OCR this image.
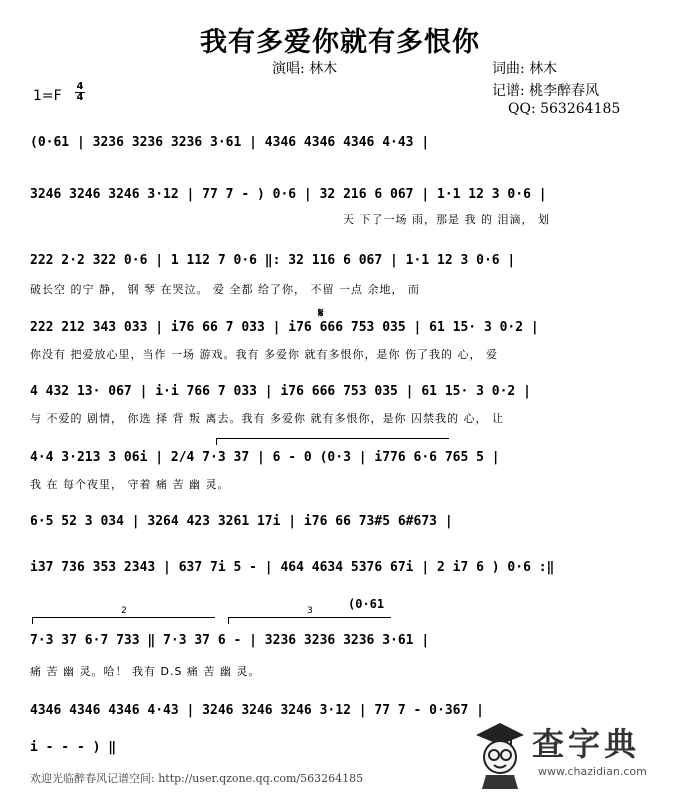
我有多爱你就有多恨你
演唱: 林木	词曲: 林木
记谱: 桃李醉春风
QQ: 563264185
1=F
4
4
(0·61 | 3236 3236 3236 3·61 | 4346 4346 4346 4·43 |
3246 3246 3246 3·12 | 77 7 - ) 0·6 | 32 216 6 067 | 1·1 12 3 0·6 |
天 下了一场 雨，那是 我 的 泪滴， 划
222 2·2 322 0·6 | 1 112 7 0·6 ‖: 32 116 6 067 | 1·1 12 3 0·6 |
破长空 的宁 静， 钢 琴 在哭泣。 爱 全都 给了你， 不留 一点 余地， 而
𝄋
222 212 343 033 | i76 66 7 033 | i76 666 753 035 | 61 15· 3 0·2 |
你没有 把爱放心里，当作 一场 游戏。我有 多爱你 就有多恨你，是你 伤了我的 心， 爱
4 432 13· 067 | i·i 766 7 033 | i76 666 753 035 | 61 15· 3 0·2 |
与 不爱的 剧情， 你选 择 背 叛 离去。我有 多爱你 就有多恨你，是你 囚禁我的 心， 让
4·4 3·213 3 06i | 2/4 7·3 37 | 6 - 0 (0·3 | i776 6·6 765 5 |
我 在 每个夜里， 守着 痛 苦 幽 灵。
6·5 52 3 034 | 3264 423 3261 17i | i76 66 73#5 6#673 |
i37 736 353 2343 | 637 7i 5 - | 464 4634 5376 67i | 2 i7 6 ) 0·6 :‖
2	3	(0·61
7·3 37 6·7 733 ‖ 7·3 37 6 - | 3236 3236 3236 3·61 |
痛 苦 幽 灵。哈！ 我有 D.S 痛 苦 幽 灵。
4346 4346 4346 4·43 | 3246 3246 3246 3·12 | 77 7 - 0·367 |
i - - - ) ‖
欢迎光临醉春风记谱空间: http://user.qzone.qq.com/563264185
查字典
www.chazidian.com
